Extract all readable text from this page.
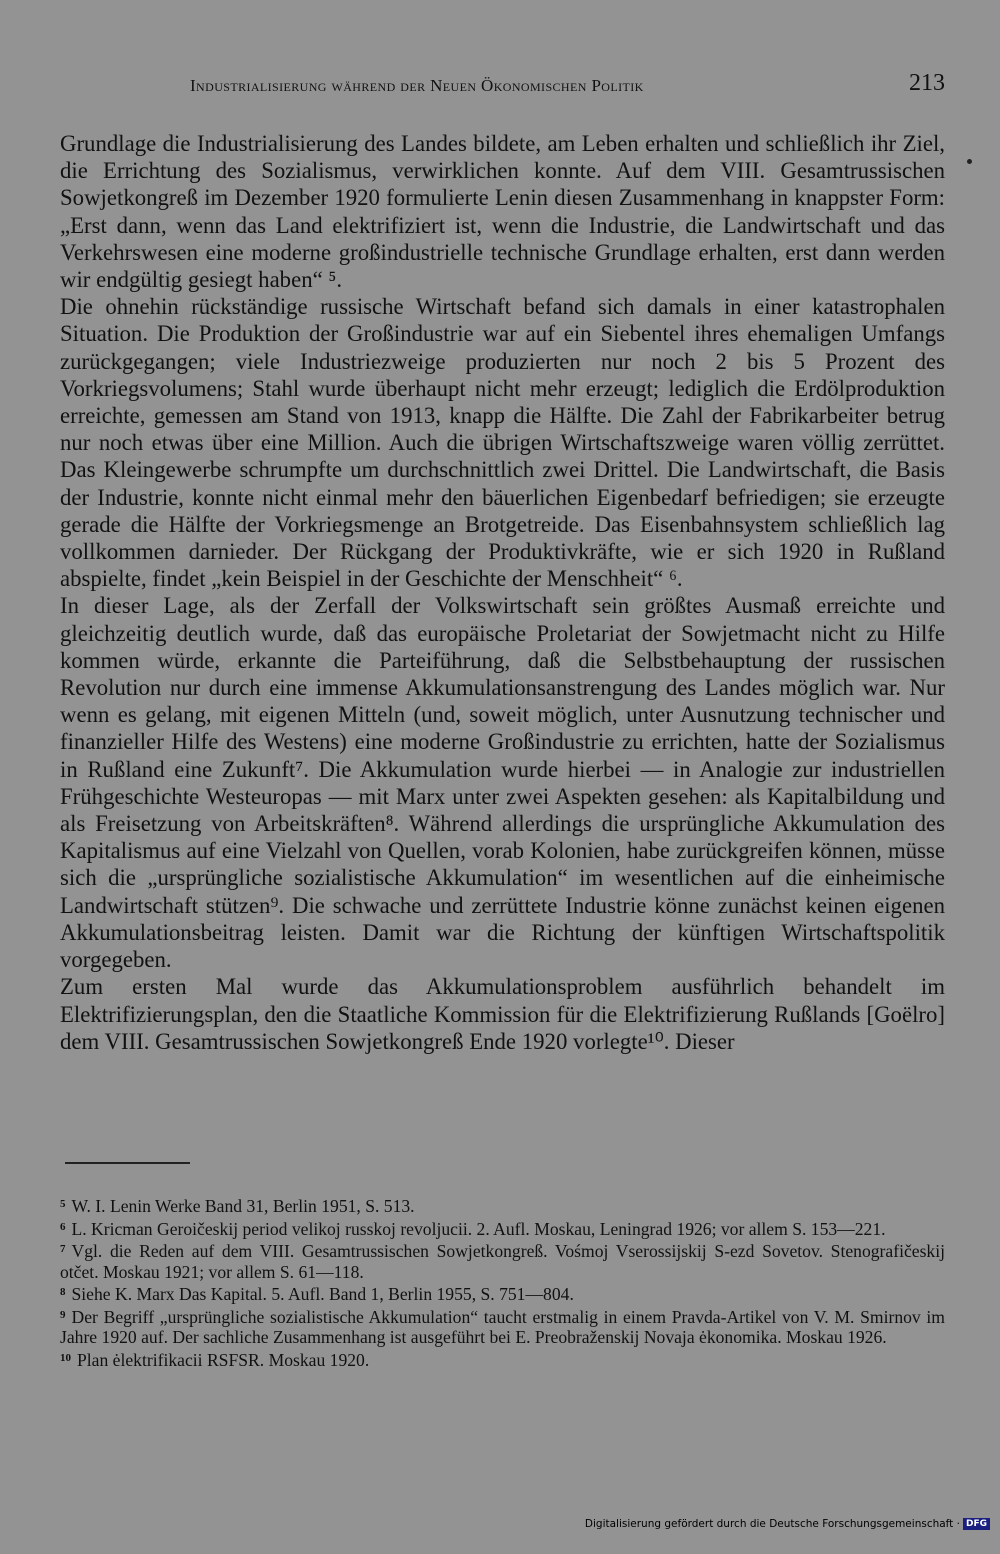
Industrialisierung während der Neuen Ökonomischen Politik	213

Grundlage die Industrialisierung des Landes bildete, am Leben erhalten und schließlich ihr Ziel, die Errichtung des Sozialismus, verwirklichen konnte. Auf dem VIII. Gesamtrussischen Sowjetkongreß im Dezember 1920 formulierte Lenin diesen Zusammenhang in knappster Form: „Erst dann, wenn das Land elektrifiziert ist, wenn die Industrie, die Landwirtschaft und das Verkehrswesen eine moderne großindustrielle technische Grundlage erhalten, erst dann werden wir endgültig gesiegt haben“ ⁵.

Die ohnehin rückständige russische Wirtschaft befand sich damals in einer katastrophalen Situation. Die Produktion der Großindustrie war auf ein Siebentel ihres ehemaligen Umfangs zurückgegangen; viele Industriezweige produzierten nur noch 2 bis 5 Prozent des Vorkriegsvolumens; Stahl wurde überhaupt nicht mehr erzeugt; lediglich die Erdölproduktion erreichte, gemessen am Stand von 1913, knapp die Hälfte. Die Zahl der Fabrikarbeiter betrug nur noch etwas über eine Million. Auch die übrigen Wirtschaftszweige waren völlig zerrüttet. Das Kleingewerbe schrumpfte um durchschnittlich zwei Drittel. Die Landwirtschaft, die Basis der Industrie, konnte nicht einmal mehr den bäuerlichen Eigenbedarf befriedigen; sie erzeugte gerade die Hälfte der Vorkriegsmenge an Brotgetreide. Das Eisenbahnsystem schließlich lag vollkommen darnieder. Der Rückgang der Produktivkräfte, wie er sich 1920 in Rußland abspielte, findet „kein Beispiel in der Geschichte der Menschheit“ ⁶.

In dieser Lage, als der Zerfall der Volkswirtschaft sein größtes Ausmaß erreichte und gleichzeitig deutlich wurde, daß das europäische Proletariat der Sowjetmacht nicht zu Hilfe kommen würde, erkannte die Parteiführung, daß die Selbstbehauptung der russischen Revolution nur durch eine immense Akkumulationsanstrengung des Landes möglich war. Nur wenn es gelang, mit eigenen Mitteln (und, soweit möglich, unter Ausnutzung technischer und finanzieller Hilfe des Westens) eine moderne Großindustrie zu errichten, hatte der Sozialismus in Rußland eine Zukunft⁷. Die Akkumulation wurde hierbei — in Analogie zur industriellen Frühgeschichte Westeuropas — mit Marx unter zwei Aspekten gesehen: als Kapitalbildung und als Freisetzung von Arbeitskräften⁸. Während allerdings die ursprüngliche Akkumulation des Kapitalismus auf eine Vielzahl von Quellen, vorab Kolonien, habe zurückgreifen können, müsse sich die „ursprüngliche sozialistische Akkumulation“ im wesentlichen auf die einheimische Landwirtschaft stützen⁹. Die schwache und zerrüttete Industrie könne zunächst keinen eigenen Akkumulationsbeitrag leisten. Damit war die Richtung der künftigen Wirtschaftspolitik vorgegeben.

Zum ersten Mal wurde das Akkumulationsproblem ausführlich behandelt im Elektrifizierungsplan, den die Staatliche Kommission für die Elektrifizierung Rußlands [Goëlro] dem VIII. Gesamtrussischen Sowjetkongreß Ende 1920 vorlegte¹⁰. Dieser

$^5$ W. I. Lenin Werke Band 31, Berlin 1951, S. 513.

$^6$ L. Kricman Geroičeskij period velikoj russkoj revoljucii. 2. Aufl. Moskau, Leningrad 1926; vor allem S. 153—221.

$^7$ Vgl. die Reden auf dem VIII. Gesamtrussischen Sowjetkongreß. Vośmoj Vserossijskij S-ezd Sovetov. Stenografičeskij otčet. Moskau 1921; vor allem S. 61—118.

$^8$ Siehe K. Marx Das Kapital. 5. Aufl. Band 1, Berlin 1955, S. 751—804.

$^9$ Der Begriff „ursprüngliche sozialistische Akkumulation“ taucht erstmalig in einem Pravda-Artikel von V. M. Smirnov im Jahre 1920 auf. Der sachliche Zusammenhang ist ausgeführt bei E. Preobraženskij Novaja ėkonomika. Moskau 1926.

$^{10}$ Plan ėlektrifikacii RSFSR. Moskau 1920.

Digitalisierung gefördert durch die Deutsche Forschungsgemeinschaft · DFG
